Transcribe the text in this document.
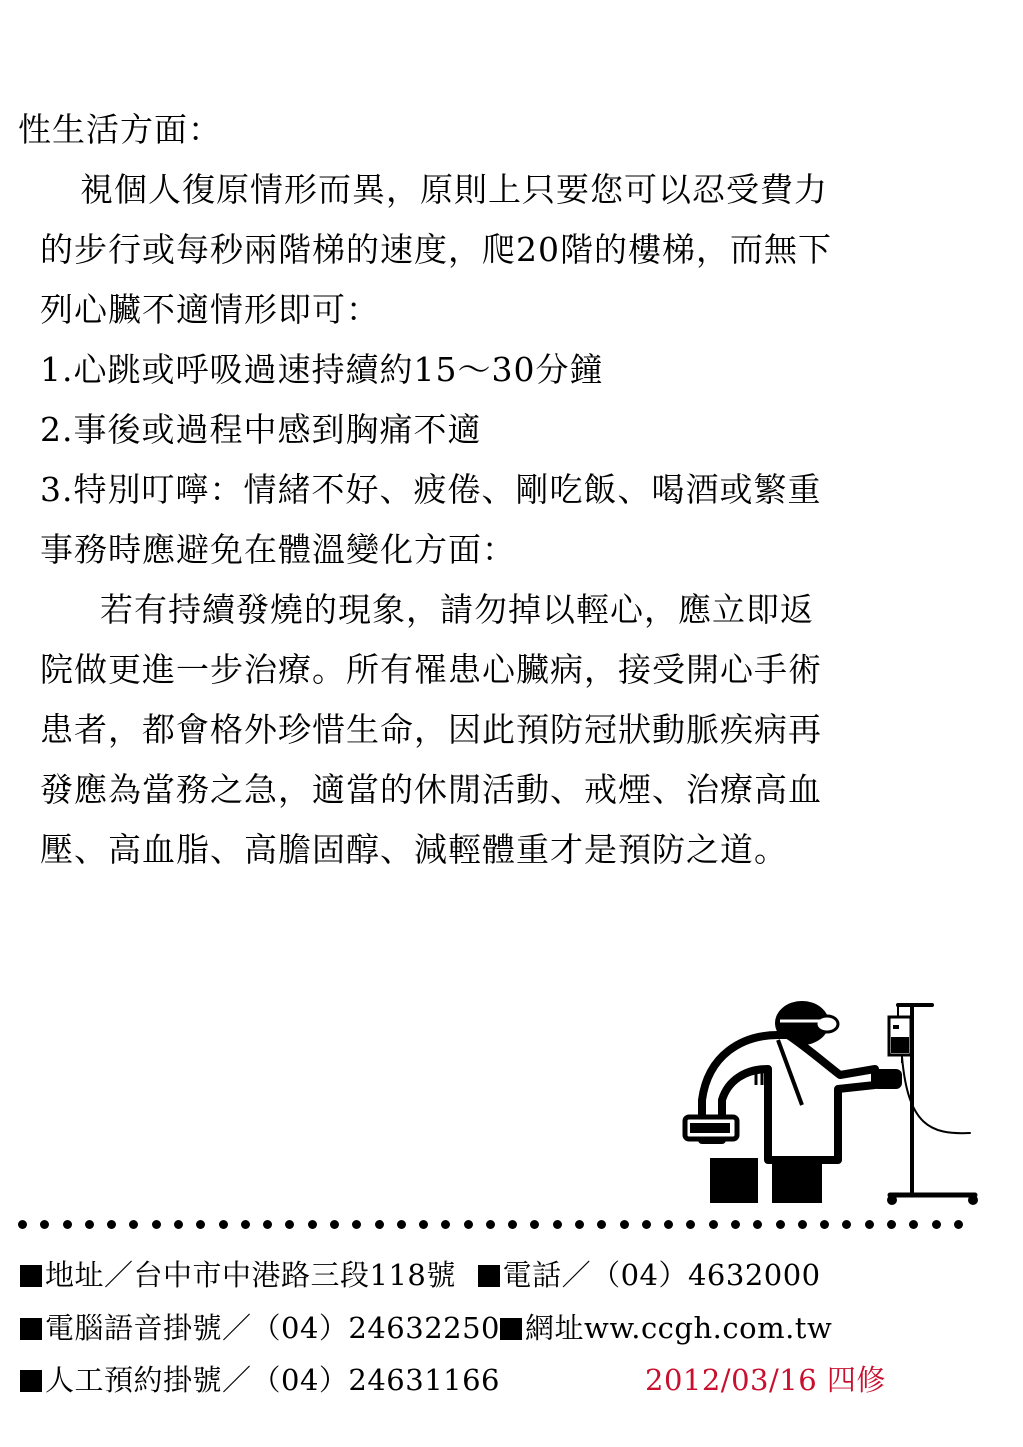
性生活方面：
視個人復原情形而異，原則上只要您可以忍受費力
的步行或每秒兩階梯的速度，爬20階的樓梯，而無下
列心臟不適情形即可：
1.心跳或呼吸過速持續約15～30分鐘
2.事後或過程中感到胸痛不適
3.特別叮嚀：情緒不好、疲倦、剛吃飯、喝酒或繁重
事務時應避免在體溫變化方面：
若有持續發燒的現象，請勿掉以輕心，應立即返
院做更進一步治療。所有罹患心臟病，接受開心手術
患者，都會格外珍惜生命，因此預防冠狀動脈疾病再
發應為當務之急，適當的休閒活動、戒煙、治療高血
壓、高血脂、高膽固醇、減輕體重才是預防之道。
地址／台中市中港路三段118號 電話／（04）4632000
電腦語音掛號／（04）24632250 網址ww.ccgh.com.tw
人工預約掛號／（04）24631166	2012/03/16 四修
